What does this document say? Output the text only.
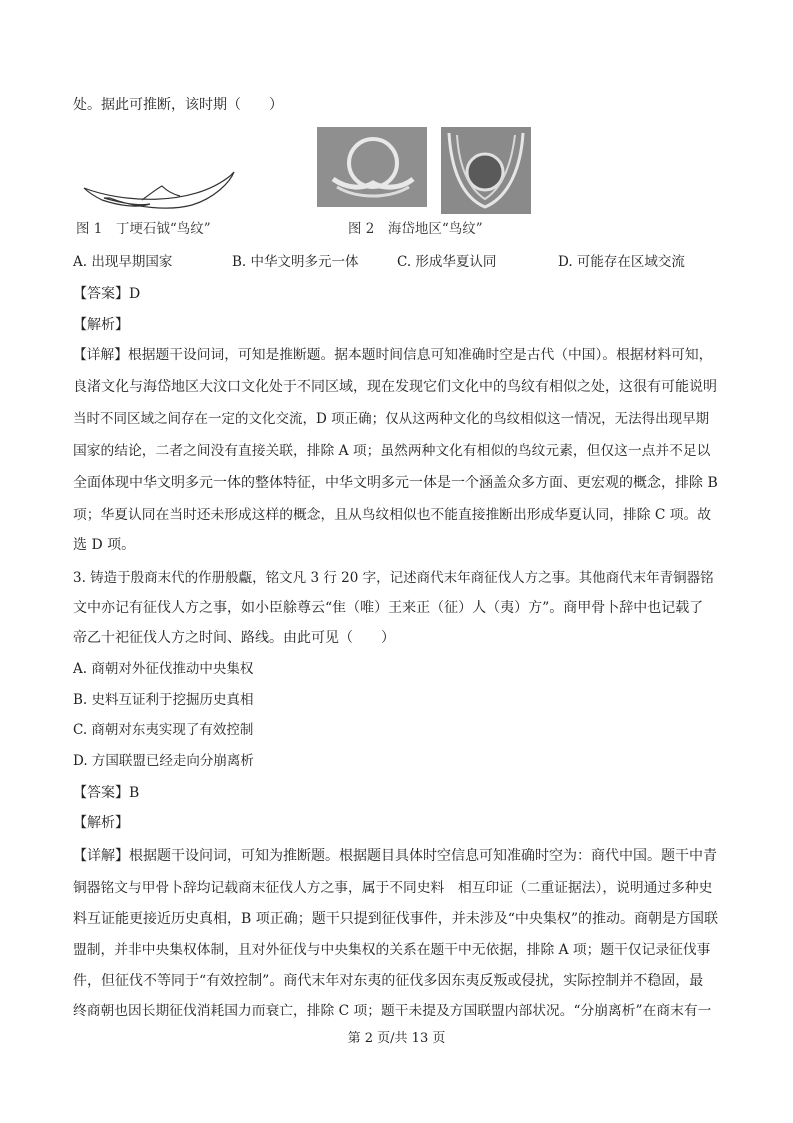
处。据此可推断，该时期（　　）
图 1　丁埂石钺“鸟纹”	图 2　海岱地区“鸟纹”
A. 出现早期国家	B. 中华文明多元一体	C. 形成华夏认同	D. 可能存在区域交流
【答案】D
【解析】
【详解】根据题干设问词，可知是推断题。据本题时间信息可知准确时空是古代（中国）。根据材料可知，
良渚文化与海岱地区大汶口文化处于不同区域，现在发现它们文化中的鸟纹有相似之处，这很有可能说明
当时不同区域之间存在一定的文化交流，D 项正确；仅从这两种文化的鸟纹相似这一情况，无法得出现早期
国家的结论，二者之间没有直接关联，排除 A 项；虽然两种文化有相似的鸟纹元素，但仅这一点并不足以
全面体现中华文明多元一体的整体特征，中华文明多元一体是一个涵盖众多方面、更宏观的概念，排除 B
项；华夏认同在当时还未形成这样的概念，且从鸟纹相似也不能直接推断出形成华夏认同，排除 C 项。故
选 D 项。
3. 铸造于殷商末代的作册般甗，铭文凡 3 行 20 字，记述商代末年商征伐人方之事。其他商代末年青铜器铭
文中亦记有征伐人方之事，如小臣艅尊云“隹（唯）王来正（征）人（夷）方”。商甲骨卜辞中也记载了
帝乙十祀征伐人方之时间、路线。由此可见（　　）
A. 商朝对外征伐推动中央集权
B. 史料互证利于挖掘历史真相
C. 商朝对东夷实现了有效控制
D. 方国联盟已经走向分崩离析
【答案】B
【解析】
【详解】根据题干设问词，可知为推断题。根据题目具体时空信息可知准确时空为：商代中国。题干中青
铜器铭文与甲骨卜辞均记载商末征伐人方之事，属于不同史料　相互印证（二重证据法），说明通过多种史
料互证能更接近历史真相，B 项正确；题干只提到征伐事件，并未涉及“中央集权”的推动。商朝是方国联
盟制，并非中央集权体制，且对外征伐与中央集权的关系在题干中无依据，排除 A 项；题干仅记录征伐事
件，但征伐不等同于“有效控制”。商代末年对东夷的征伐多因东夷反叛或侵扰，实际控制并不稳固，最
终商朝也因长期征伐消耗国力而衰亡，排除 C 项；题干未提及方国联盟内部状况。“分崩离析”在商末有一
第 2 页/共 13 页
